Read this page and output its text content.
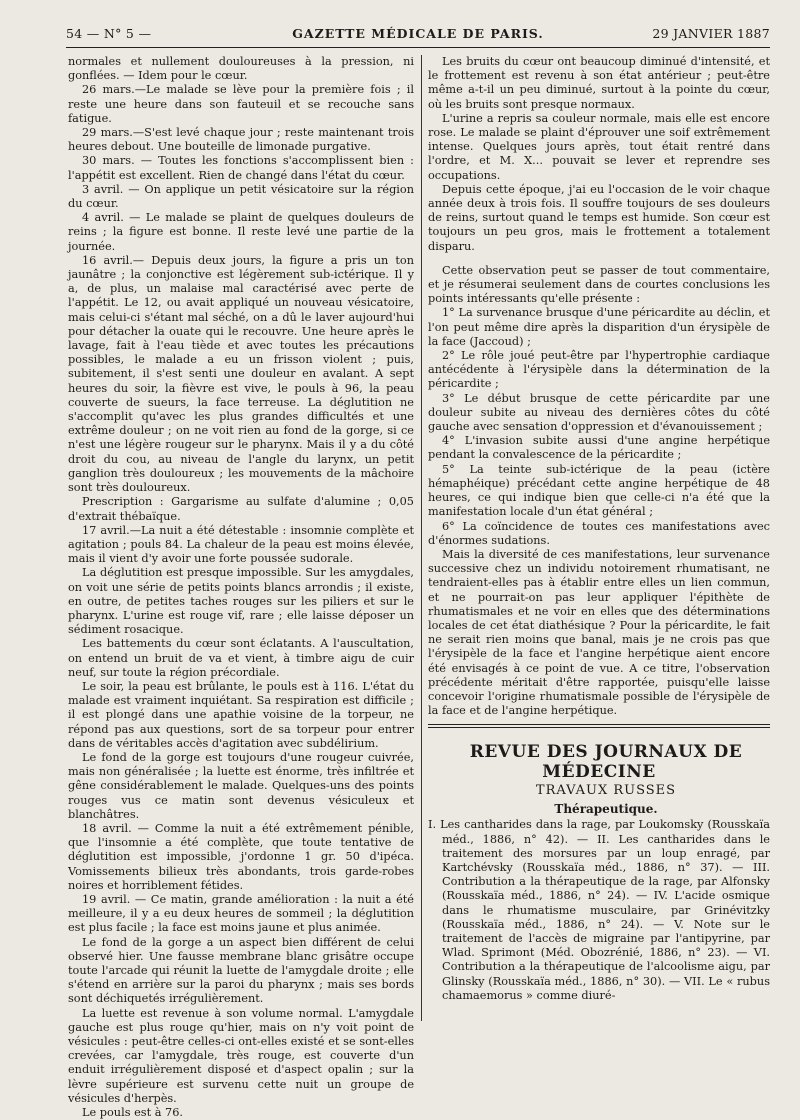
54 — N° 5 —	GAZETTE MÉDICALE DE PARIS.	29 JANVIER 1887

normales et nullement douloureuses à la pression, ni gonflées. — Idem pour le cœur.

26 mars.—Le malade se lève pour la première fois ; il reste une heure dans son fauteuil et se recouche sans fatigue.

29 mars.—S'est levé chaque jour ; reste maintenant trois heures debout. Une bouteille de limonade purgative.

30 mars. — Toutes les fonctions s'accomplissent bien : l'appétit est excellent. Rien de changé dans l'état du cœur.

3 avril. — On applique un petit vésicatoire sur la région du cœur.

4 avril. — Le malade se plaint de quelques douleurs de reins ; la figure est bonne. Il reste levé une partie de la journée.

16 avril.— Depuis deux jours, la figure a pris un ton jaunâtre ; la conjonctive est légèrement sub-ictérique. Il y a, de plus, un malaise mal caractérisé avec perte de l'appétit. Le 12, ou avait appliqué un nouveau vésicatoire, mais celui-ci s'étant mal séché, on a dû le laver aujourd'hui pour détacher la ouate qui le recouvre. Une heure après le lavage, fait à l'eau tiède et avec toutes les précautions possibles, le malade a eu un frisson violent ; puis, subitement, il s'est senti une douleur en avalant. A sept heures du soir, la fièvre est vive, le pouls à 96, la peau couverte de sueurs, la face terreuse. La déglutition ne s'accomplit qu'avec les plus grandes difficultés et une extrême douleur ; on ne voit rien au fond de la gorge, si ce n'est une légère rougeur sur le pharynx. Mais il y a du côté droit du cou, au niveau de l'angle du larynx, un petit ganglion très douloureux ; les mouvements de la mâchoire sont très douloureux.

Prescription : Gargarisme au sulfate d'alumine ; 0,05 d'extrait thébaïque.

17 avril.—La nuit a été détestable : insomnie complète et agitation ; pouls 84. La chaleur de la peau est moins élevée, mais il vient d'y avoir une forte poussée sudorale.

La déglutition est presque impossible. Sur les amygdales, on voit une série de petits points blancs arrondis ; il existe, en outre, de petites taches rouges sur les piliers et sur le pharynx. L'urine est rouge vif, rare ; elle laisse déposer un sédiment rosacique.

Les battements du cœur sont éclatants. A l'auscultation, on entend un bruit de va et vient, à timbre aigu de cuir neuf, sur toute la région précordiale.

Le soir, la peau est brûlante, le pouls est à 116. L'état du malade est vraiment inquiétant. Sa respiration est difficile ; il est plongé dans une apathie voisine de la torpeur, ne répond pas aux questions, sort de sa torpeur pour entrer dans de véritables accès d'agitation avec subdélirium.

Le fond de la gorge est toujours d'une rougeur cuivrée, mais non généralisée ; la luette est énorme, très infiltrée et gêne considérablement le malade. Quelques-uns des points rouges vus ce matin sont devenus vésiculeux et blanchâtres.

18 avril. — Comme la nuit a été extrêmement pénible, que l'insomnie a été complète, que toute tentative de déglutition est impossible, j'ordonne 1 gr. 50 d'ipéca. Vomissements bilieux très abondants, trois garde-robes noires et horriblement fétides.

19 avril. — Ce matin, grande amélioration : la nuit a été meilleure, il y a eu deux heures de sommeil ; la déglutition est plus facile ; la face est moins jaune et plus animée.

Le fond de la gorge a un aspect bien différent de celui observé hier. Une fausse membrane blanc grisâtre occupe toute l'arcade qui réunit la luette de l'amygdale droite ; elle s'étend en arrière sur la paroi du pharynx ; mais ses bords sont déchiquetés irrégulièrement.

La luette est revenue à son volume normal. L'amygdale gauche est plus rouge qu'hier, mais on n'y voit point de vésicules : peut-être celles-ci ont-elles existé et se sont-elles crevées, car l'amygdale, très rouge, est couverte d'un enduit irrégulièrement disposé et d'aspect opalin ; sur la lèvre supérieure est survenu cette nuit un groupe de vésicules d'herpès.

Le pouls est à 76.

Les bruits du cœur ont beaucoup diminué d'intensité, et le frottement est revenu à son état antérieur ; peut-être même a-t-il un peu diminué, surtout à la pointe du cœur, où les bruits sont presque normaux.

L'urine a repris sa couleur normale, mais elle est encore rose. Le malade se plaint d'éprouver une soif extrêmement intense. Quelques jours après, tout était rentré dans l'ordre, et M. X... pouvait se lever et reprendre ses occupations.

Depuis cette époque, j'ai eu l'occasion de le voir chaque année deux à trois fois. Il souffre toujours de ses douleurs de reins, surtout quand le temps est humide. Son cœur est toujours un peu gros, mais le frottement a totalement disparu.

Cette observation peut se passer de tout commentaire, et je résumerai seulement dans de courtes conclusions les points intéressants qu'elle présente :

1° La survenance brusque d'une péricardite au déclin, et l'on peut même dire après la disparition d'un érysipèle de la face (Jaccoud) ;

2° Le rôle joué peut-être par l'hypertrophie cardiaque antécédente à l'érysipèle dans la détermination de la péricardite ;

3° Le début brusque de cette péricardite par une douleur subite au niveau des dernières côtes du côté gauche avec sensation d'oppression et d'évanouissement ;

4° L'invasion subite aussi d'une angine herpétique pendant la convalescence de la péricardite ;

5° La teinte sub-ictérique de la peau (ictère hémaphéique) précédant cette angine herpétique de 48 heures, ce qui indique bien que celle-ci n'a été que la manifestation locale d'un état général ;

6° La coïncidence de toutes ces manifestations avec d'énormes sudations.

Mais la diversité de ces manifestations, leur survenance successive chez un individu notoirement rhumatisant, ne tendraient-elles pas à établir entre elles un lien commun, et ne pourrait-on pas leur appliquer l'épithète de rhumatismales et ne voir en elles que des déterminations locales de cet état diathésique ? Pour la péricardite, le fait ne serait rien moins que banal, mais je ne crois pas que l'érysipèle de la face et l'angine herpétique aient encore été envisagés à ce point de vue. A ce titre, l'observation précédente méritait d'être rapportée, puisqu'elle laisse concevoir l'origine rhumatismale possible de l'érysipèle de la face et de l'angine herpétique.

REVUE DES JOURNAUX DE MÉDECINE

TRAVAUX RUSSES

Thérapeutique.

I. Les cantharides dans la rage, par Loukomsky (Rousskaïa méd., 1886, n° 42). — II. Les cantharides dans le traitement des morsures par un loup enragé, par Kartchévsky (Rousskaïa méd., 1886, n° 37). — III. Contribution a la thérapeutique de la rage, par Alfonsky (Rousskaïa méd., 1886, n° 24). — IV. L'acide osmique dans le rhumatisme musculaire, par Grinévitzky (Rousskaïa méd., 1886, n° 24). — V. Note sur le traitement de l'accès de migraine par l'antipyrine, par Wlad. Sprimont (Méd. Obozrénié, 1886, n° 23). — VI. Contribution a la thérapeutique de l'alcoolisme aigu, par Glinsky (Rousskaïa méd., 1886, n° 30). — VII. Le « rubus chamaemorus » comme diuré-
